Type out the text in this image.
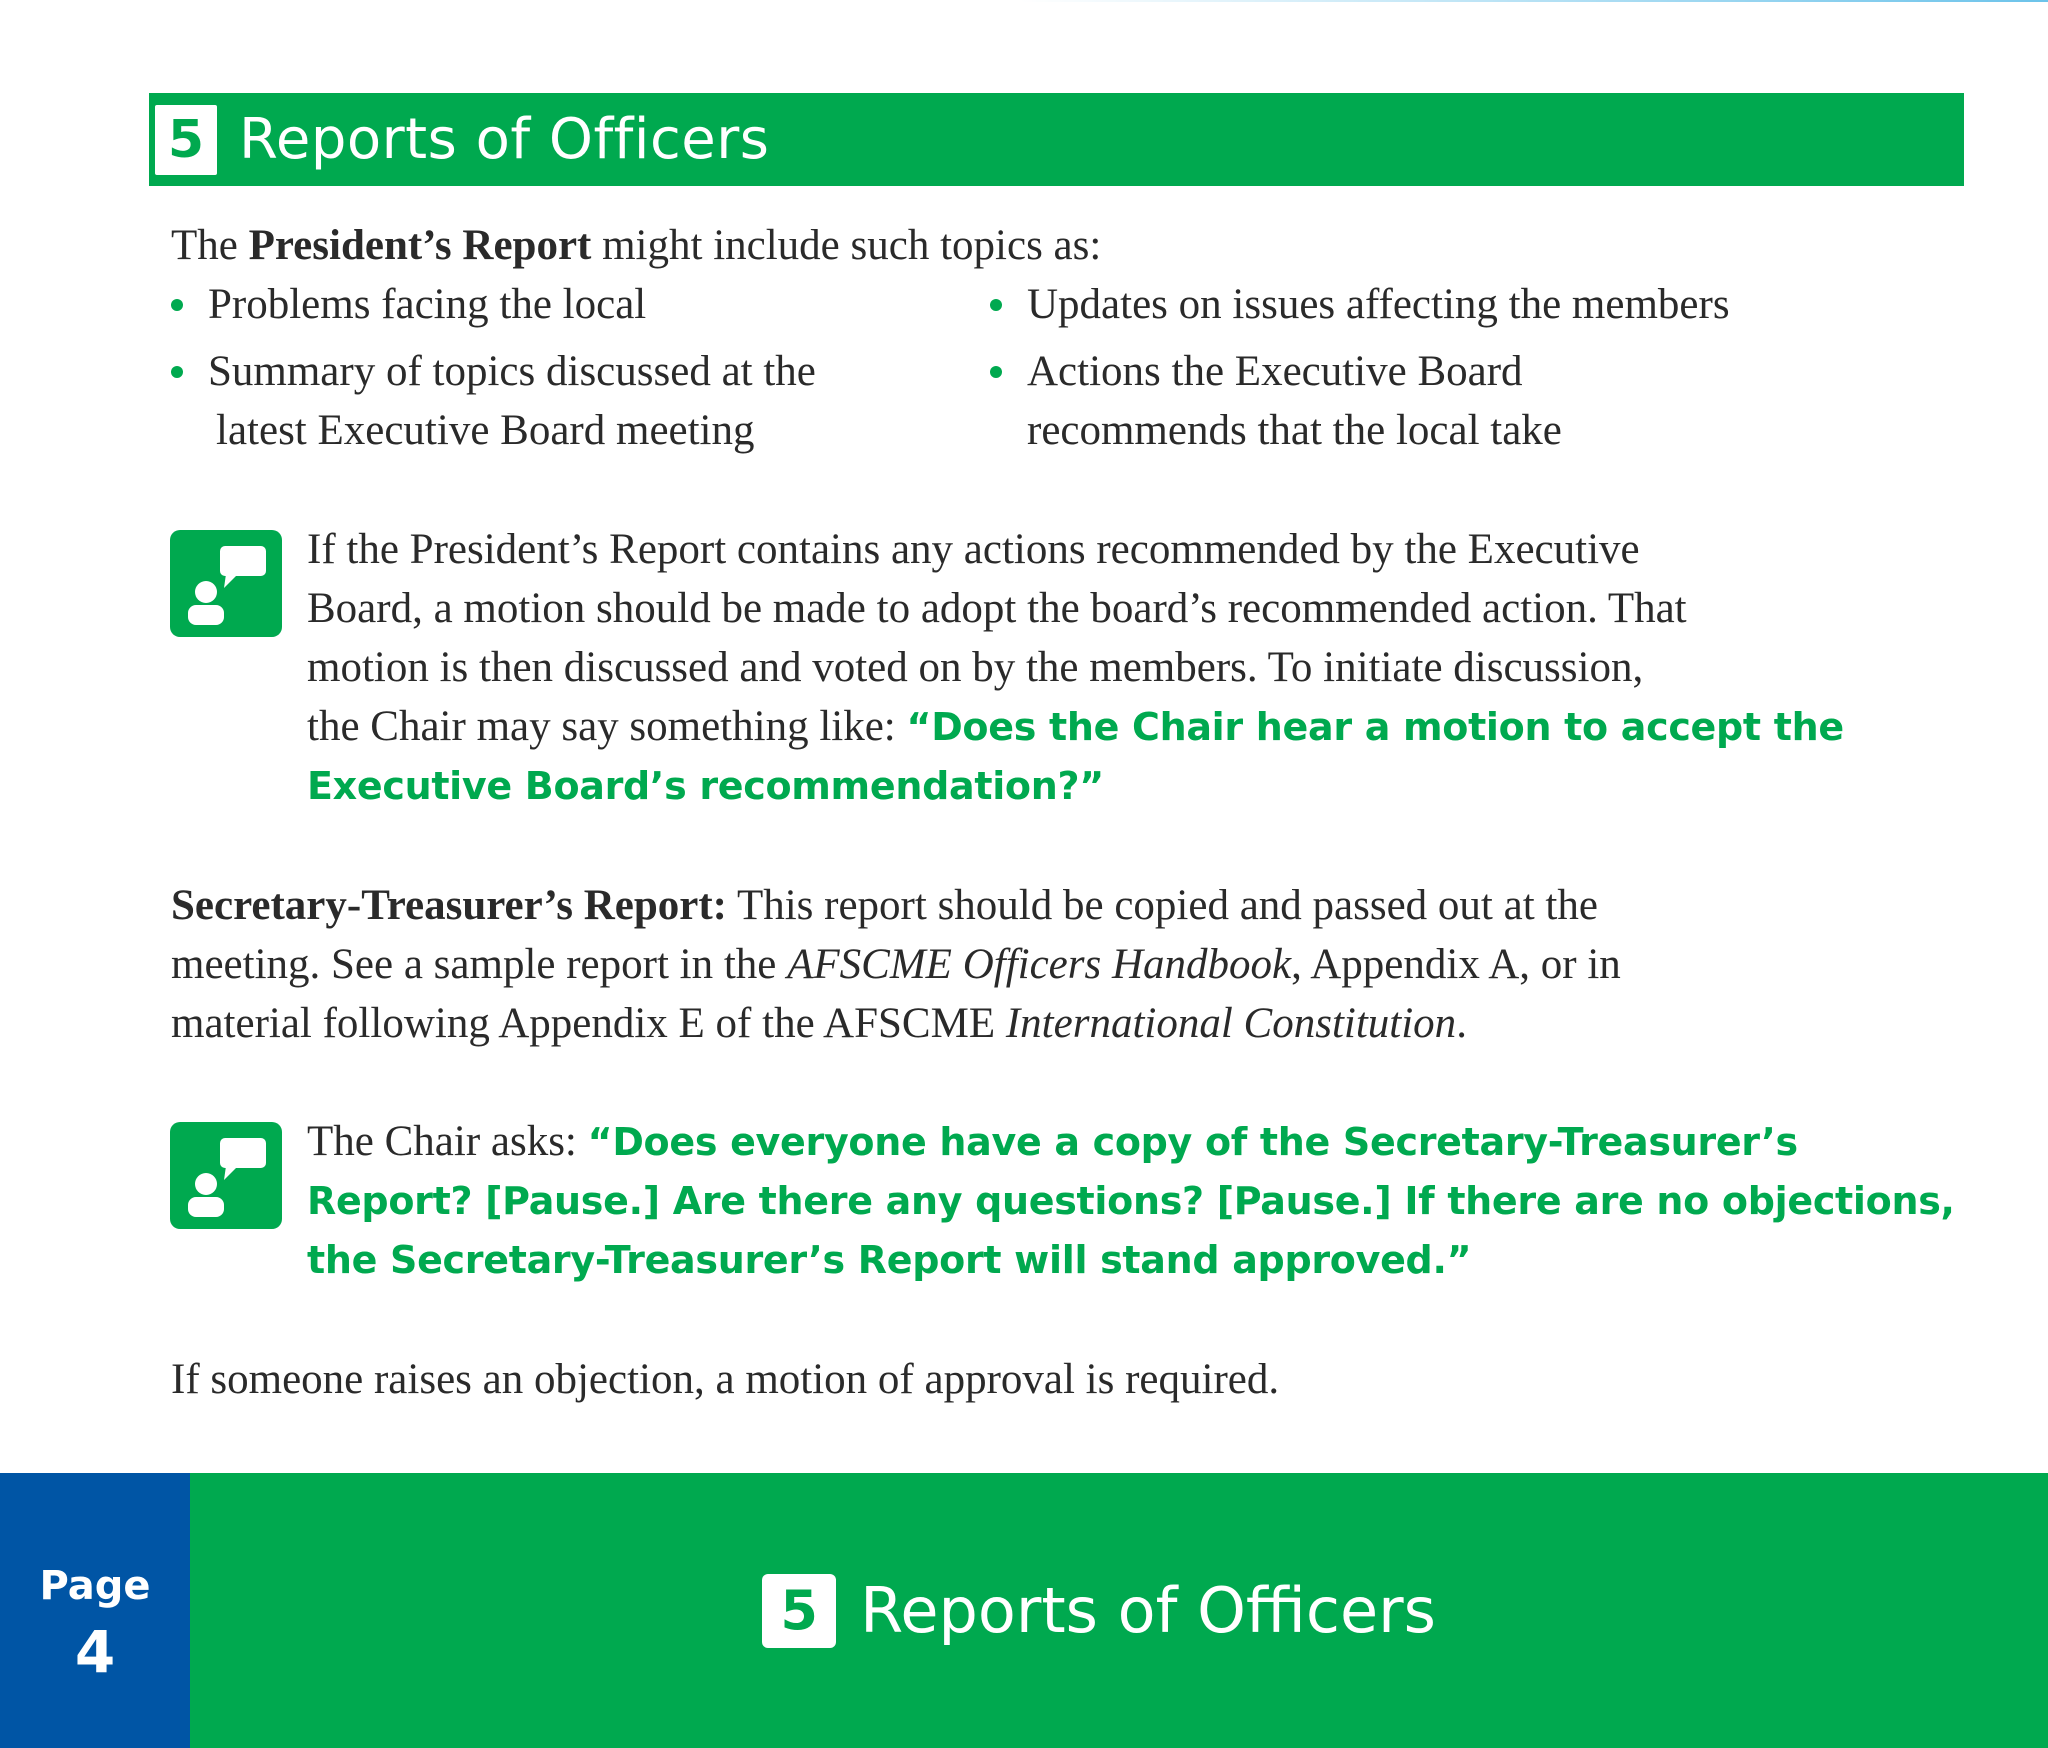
5 Reports of Officers
The President’s Report might include such topics as:
Problems facing the local
Summary of topics discussed at the
latest Executive Board meeting
Updates on issues affecting the members
Actions the Executive Board
recommends that the local take
If the President’s Report contains any actions recommended by the Executive
Board, a motion should be made to adopt the board’s recommended action. That
motion is then discussed and voted on by the members. To initiate discussion,
the Chair may say something like: “Does the Chair hear a motion to accept the
Executive Board’s recommendation?”
Secretary-Treasurer’s Report: This report should be copied and passed out at the
meeting. See a sample report in the AFSCME Officers Handbook, Appendix A, or in
material following Appendix E of the AFSCME International Constitution.
The Chair asks: “Does everyone have a copy of the Secretary-Treasurer’s
Report? [Pause.] Are there any questions? [Pause.] If there are no objections,
the Secretary-Treasurer’s Report will stand approved.”
If someone raises an objection, a motion of approval is required.
Page
4
5 Reports of Officers
